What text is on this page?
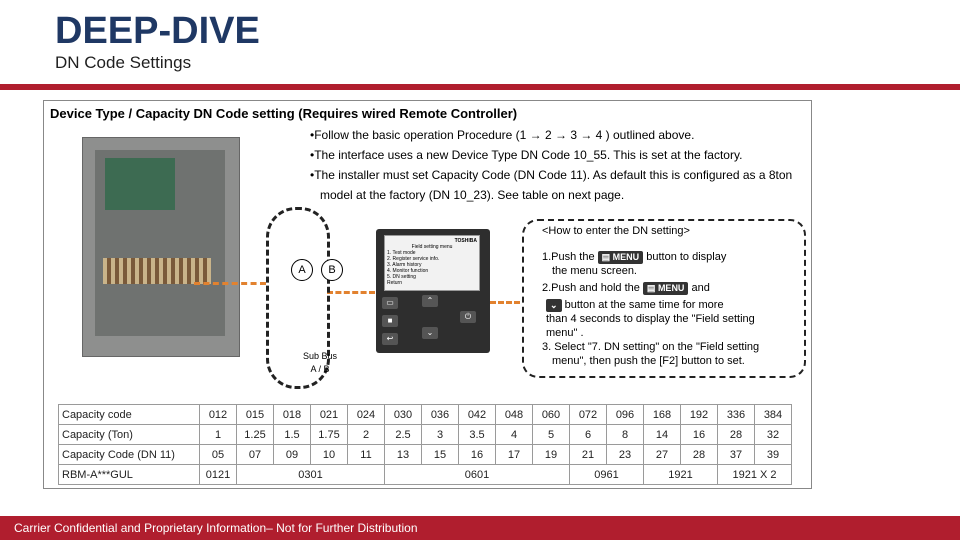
DEEP-DIVE
DN Code Settings
Device Type / Capacity DN Code setting (Requires wired Remote Controller)
•Follow the basic operation Procedure (1 → 2 → 3 → 4 ) outlined above.
•The interface uses a new Device Type DN Code 10_55. This is set at the factory.
•The installer must set Capacity Code (DN Code 11). As default this is configured as a 8ton model at the factory (DN 10_23). See table on next page.
A	B
Sub Bus
A / B
TOSHIBA
Field setting menu
1. Test mode
2. Register service info.
3. Alarm history
4. Monitor function
5. DN setting
Return
▭
■
↩
⌃
⌄
⏻
<How to enter the DN setting>
1.Push the ▤ MENU button to display
the menu screen.
2.Push and hold the ▤ MENU and
⌄ button at the same time for more
than 4 seconds to display the "Field setting
menu" .
3. Select "7. DN setting" on the "Field setting
menu", then push the [F2] button to set.
Capacity code	012	015	018	021	024	030	036	042	048	060	072	096	168	192	336	384
Capacity (Ton)	1	1.25	1.5	1.75	2	2.5	3	3.5	4	5	6	8	14	16	28	32
Capacity Code (DN 11)	05	07	09	10	11	13	15	16	17	19	21	23	27	28	37	39
RBM-A***GUL	0121	0301				0601					0961		1921		1921 X 2	
Carrier Confidential and Proprietary Information– Not for Further Distribution
